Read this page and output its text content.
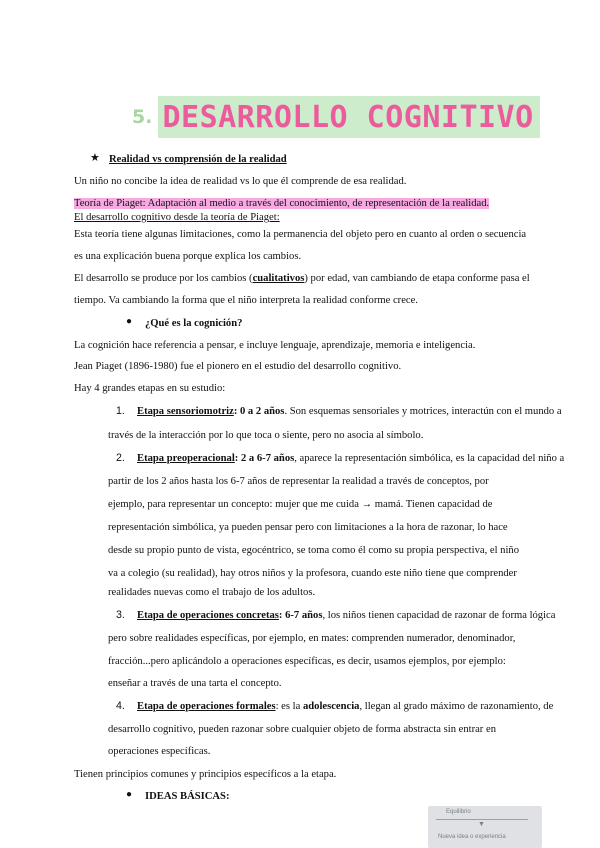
5. DESARROLLO COGNITIVO
★ Realidad vs comprensión de la realidad
Un niño no concibe la idea de realidad vs lo que él comprende de esa realidad.
Teoría de Piaget: Adaptación al medio a través del conocimiento, de representación de la realidad.
El desarrollo cognitivo desde la teoría de Piaget:
Esta teoría tiene algunas limitaciones, como la permanencia del objeto pero en cuanto al orden o secuencia
es una explicación buena porque explica los cambios.
El desarrollo se produce por los cambios (cualitativos) por edad, van cambiando de etapa conforme pasa el
tiempo. Va cambiando la forma que el niño interpreta la realidad conforme crece.
● ¿Qué es la cognición?
La cognición hace referencia a pensar, e incluye lenguaje, aprendizaje, memoria e inteligencia.
Jean Piaget (1896-1980) fue el pionero en el estudio del desarrollo cognitivo.
Hay 4 grandes etapas en su estudio:
1. Etapa sensoriomotriz: 0 a 2 años. Son esquemas sensoriales y motrices, interactún con el mundo a
través de la interacción por lo que toca o siente, pero no asocia al símbolo.
2. Etapa preoperacional: 2 a 6-7 años, aparece la representación simbólica, es la capacidad del niño a
partir de los 2 años hasta los 6-7 años de representar la realidad a través de conceptos, por
ejemplo, para representar un concepto: mujer que me cuida → mamá. Tienen capacidad de
representación simbólica, ya pueden pensar pero con limitaciones a la hora de razonar, lo hace
desde su propio punto de vista, egocéntrico, se toma como él como su propia perspectiva, el niño
va a colegio (su realidad), hay otros niños y la profesora, cuando este niño tiene que comprender
realidades nuevas como el trabajo de los adultos.
3. Etapa de operaciones concretas: 6-7 años, los niños tienen capacidad de razonar de forma lógica
pero sobre realidades específicas, por ejemplo, en mates: comprenden numerador, denominador,
fracción...pero aplicándolo a operaciones específicas, es decir, usamos ejemplos, por ejemplo:
enseñar a través de una tarta el concepto.
4. Etapa de operaciones formales: es la adolescencia, llegan al grado máximo de razonamiento, de
desarrollo cognitivo, pueden razonar sobre cualquier objeto de forma abstracta sin entrar en
operaciones específicas.
Tienen principios comunes y principios específicos a la etapa.
● IDEAS BÁSICAS:
Equilibrio
▼
Nueva idea o experiencia
